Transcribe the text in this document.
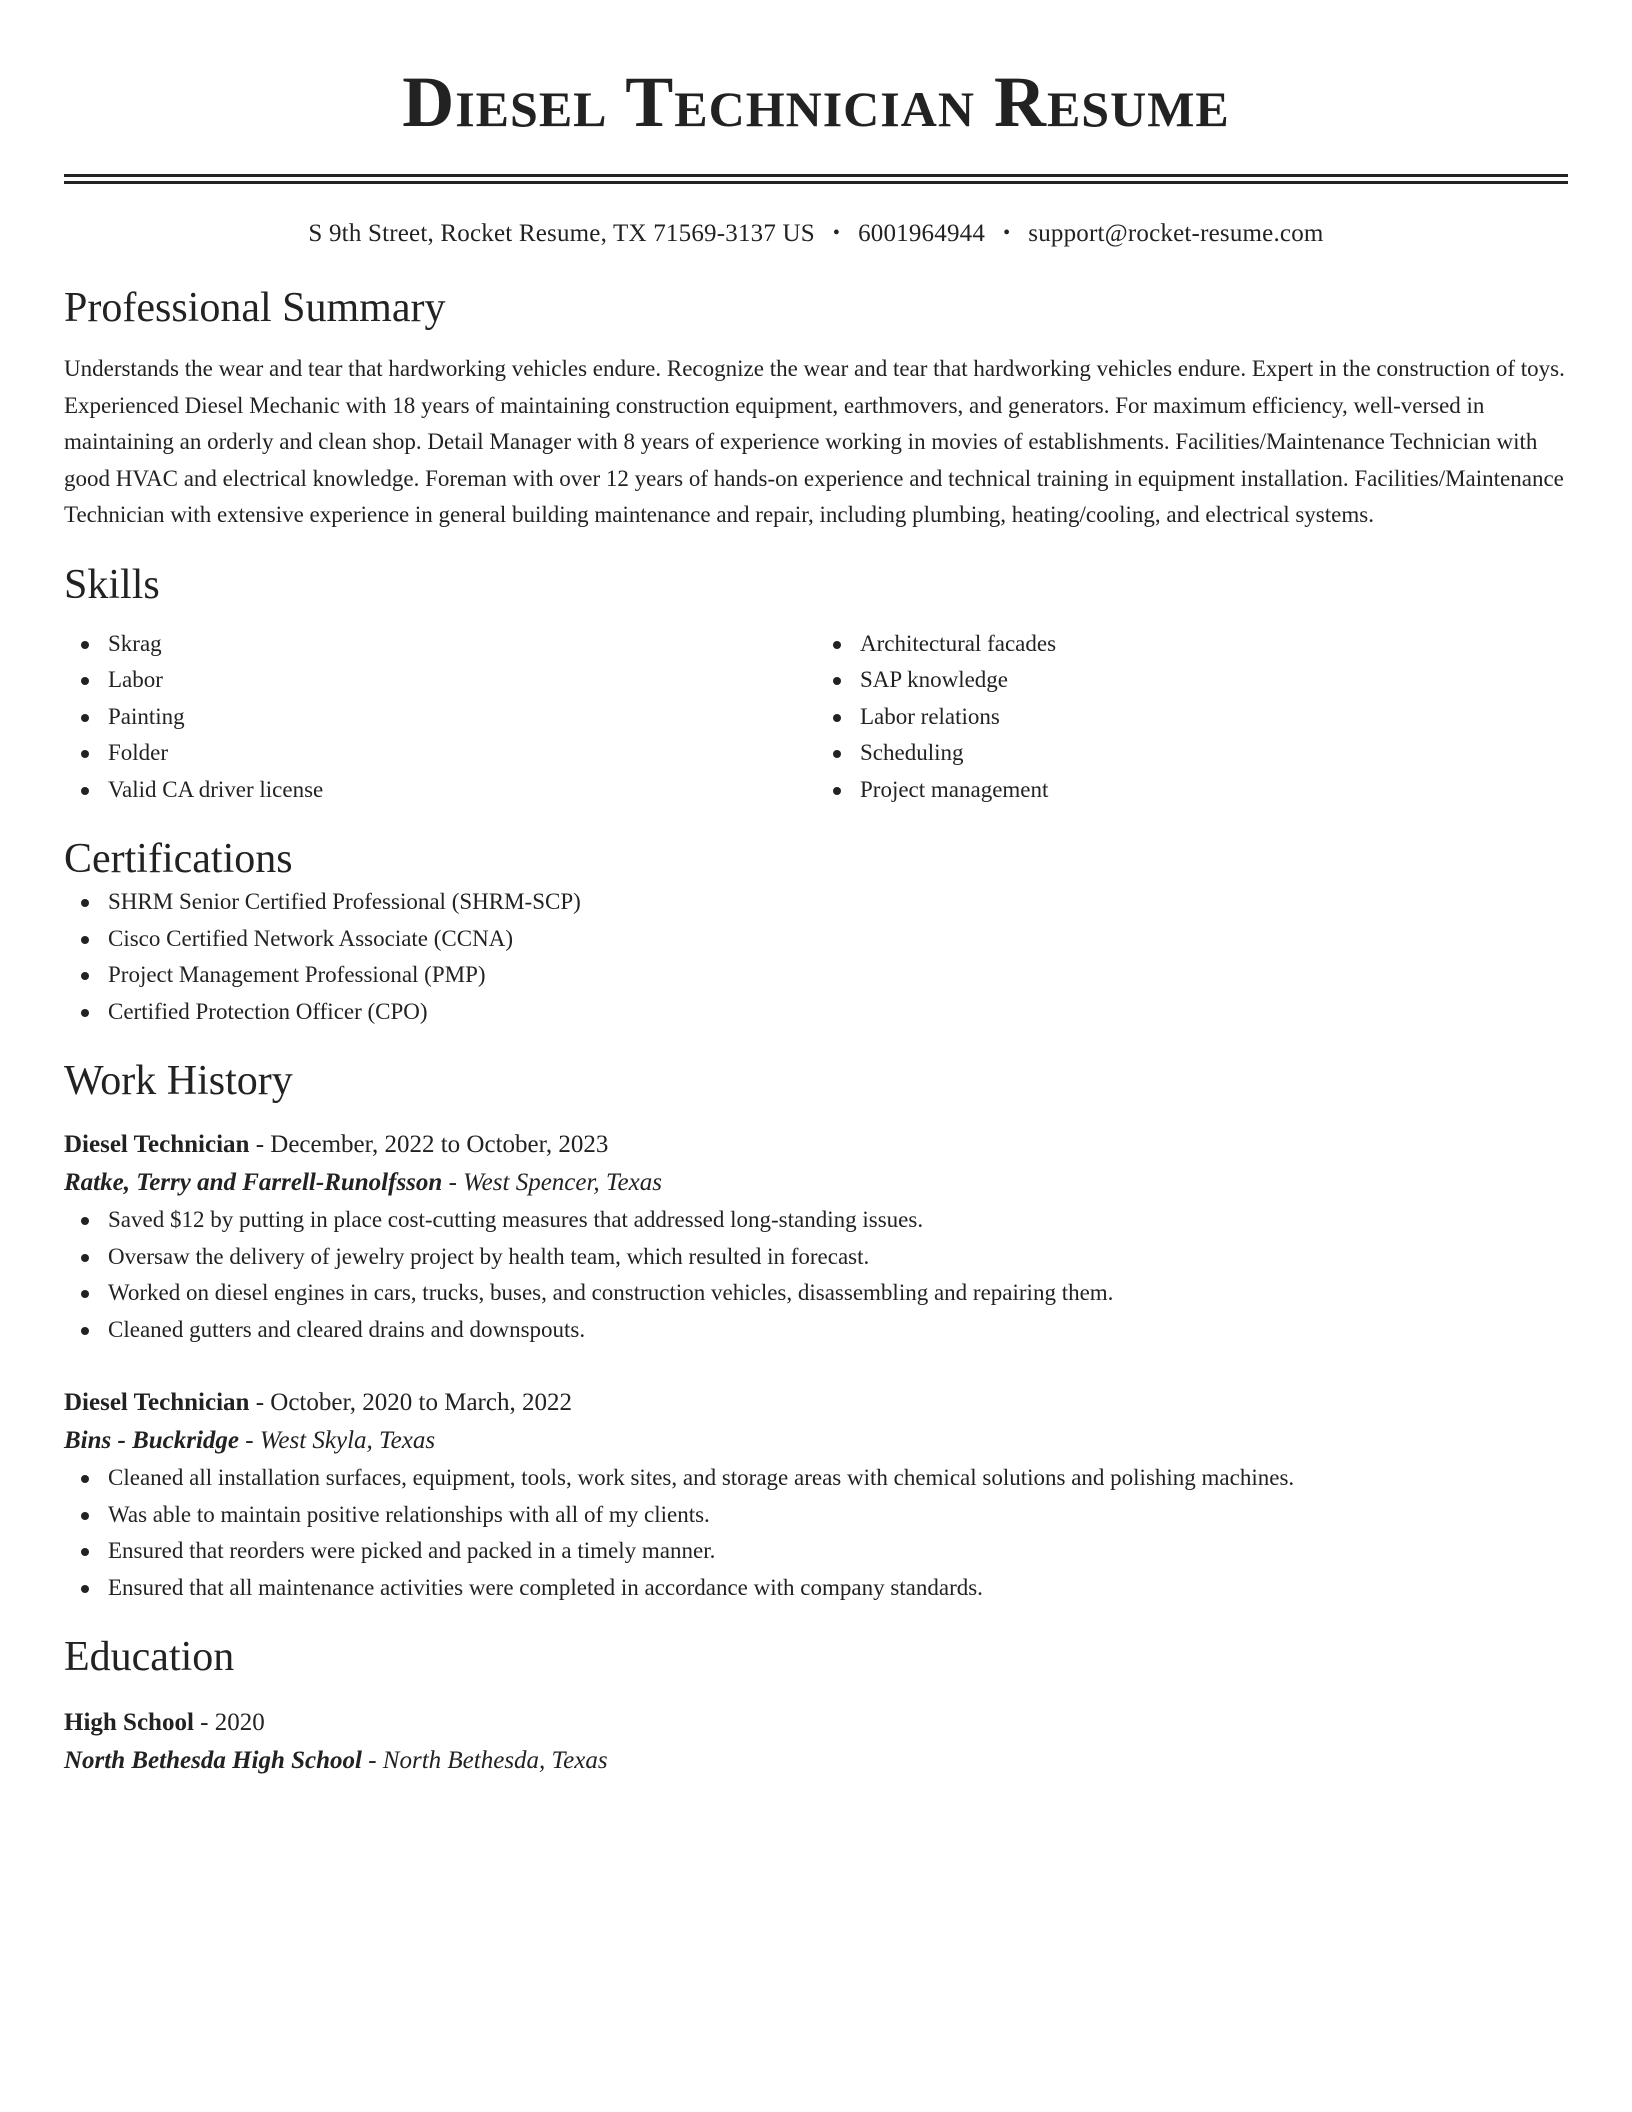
Diesel Technician Resume
S 9th Street, Rocket Resume, TX 71569-3137 US • 6001964944 • support@rocket-resume.com
Professional Summary

Understands the wear and tear that hardworking vehicles endure. Recognize the wear and tear that hardworking vehicles endure. Expert in the construction of toys. Experienced Diesel Mechanic with 18 years of maintaining construction equipment, earthmovers, and generators. For maximum efficiency, well-versed in maintaining an orderly and clean shop. Detail Manager with 8 years of experience working in movies of establishments. Facilities/Maintenance Technician with good HVAC and electrical knowledge. Foreman with over 12 years of hands-on experience and technical training in equipment installation. Facilities/Maintenance Technician with extensive experience in general building maintenance and repair, including plumbing, heating/cooling, and electrical systems.

Skills
Skrag
Labor
Painting
Folder
Valid CA driver license
Architectural facades
SAP knowledge
Labor relations
Scheduling
Project management
Certifications
SHRM Senior Certified Professional (SHRM-SCP)
Cisco Certified Network Associate (CCNA)
Project Management Professional (PMP)
Certified Protection Officer (CPO)
Work History
Diesel Technician - December, 2022 to October, 2023
Ratke, Terry and Farrell-Runolfsson - West Spencer, Texas
Saved $12 by putting in place cost-cutting measures that addressed long-standing issues.
Oversaw the delivery of jewelry project by health team, which resulted in forecast.
Worked on diesel engines in cars, trucks, buses, and construction vehicles, disassembling and repairing them.
Cleaned gutters and cleared drains and downspouts.
Diesel Technician - October, 2020 to March, 2022
Bins - Buckridge - West Skyla, Texas
Cleaned all installation surfaces, equipment, tools, work sites, and storage areas with chemical solutions and polishing machines.
Was able to maintain positive relationships with all of my clients.
Ensured that reorders were picked and packed in a timely manner.
Ensured that all maintenance activities were completed in accordance with company standards.
Education
High School - 2020
North Bethesda High School - North Bethesda, Texas
